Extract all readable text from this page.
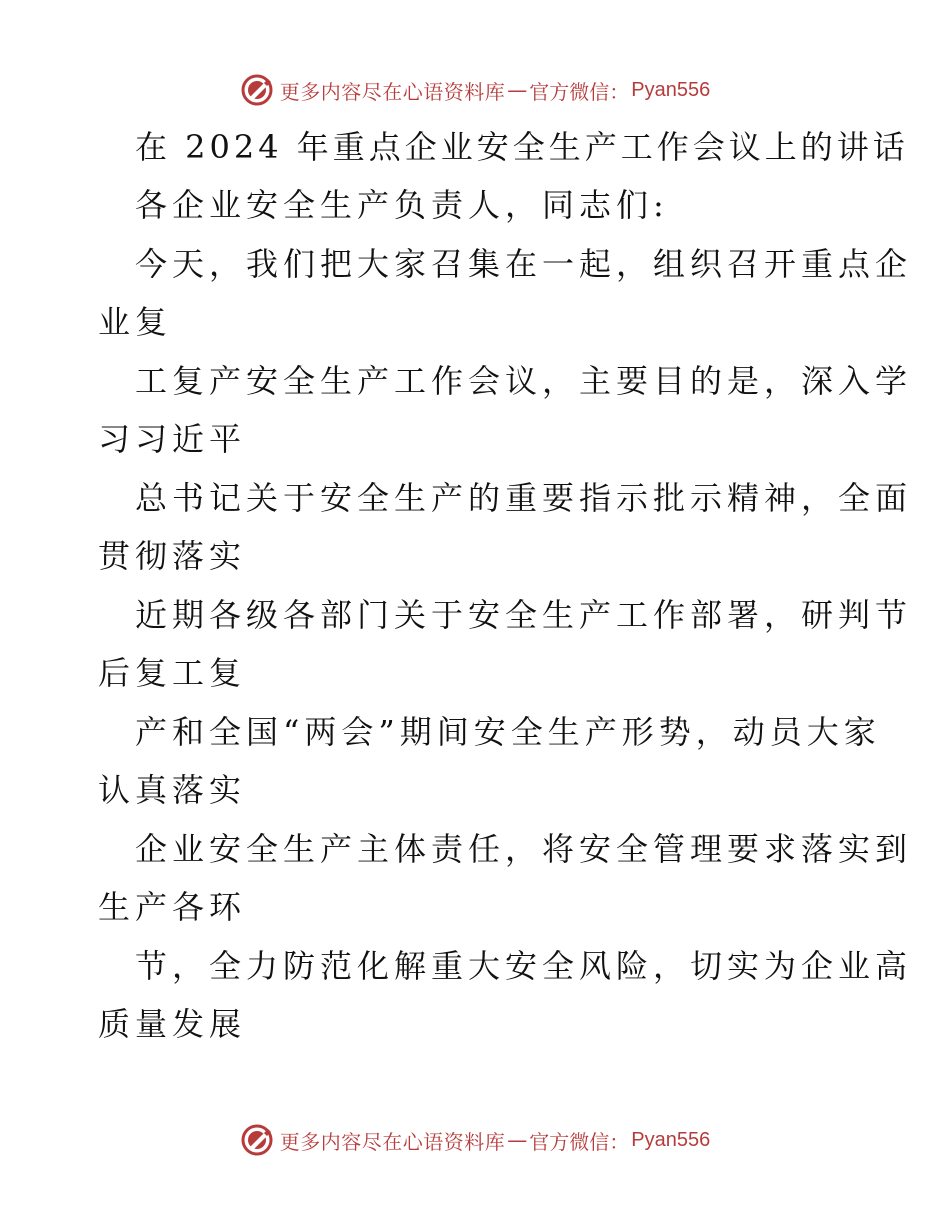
更多内容尽在心语资料库 — 官方微信： Pyan556
在 2024 年重点企业安全生产工作会议上的讲话
各企业安全生产负责人，同志们:
今天，我们把大家召集在一起，组织召开重点企
业复
工复产安全生产工作会议，主要目的是，深入学
习习近平
总书记关于安全生产的重要指示批示精神，全面
贯彻落实
近期各级各部门关于安全生产工作部署，研判节
后复工复
产和全国“两会”期间安全生产形势，动员大家
认真落实
企业安全生产主体责任，将安全管理要求落实到
生产各环
节，全力防范化解重大安全风险，切实为企业高
质量发展
更多内容尽在心语资料库 — 官方微信： Pyan556
